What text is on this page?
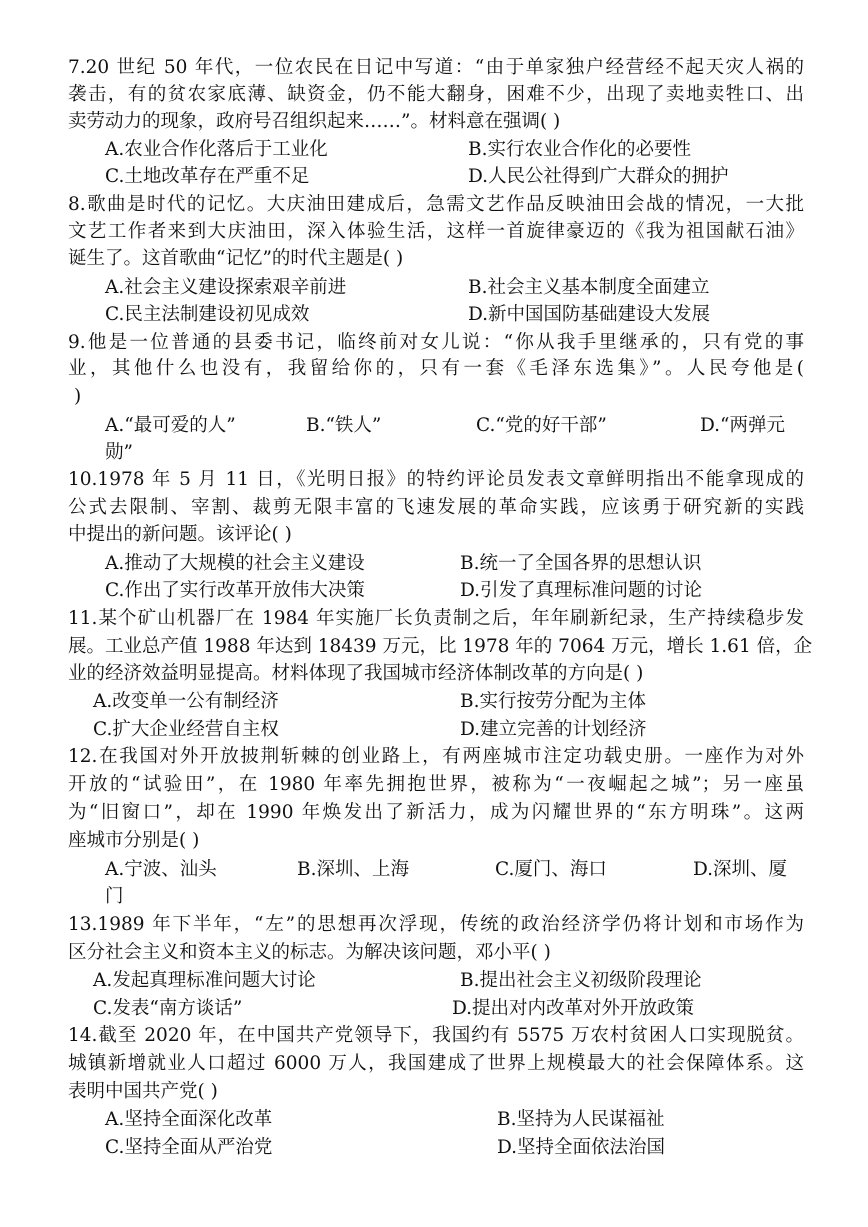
7.20 世纪 50 年代，一位农民在日记中写道：“由于单家独户经营经不起天灾人祸的
袭击，有的贫农家底薄、缺资金，仍不能大翻身，困难不少，出现了卖地卖牲口、出
卖劳动力的现象，政府号召组织起来……”。材料意在强调( )
A.农业合作化落后于工业化	B.实行农业合作化的必要性
C.土地改革存在严重不足	D.人民公社得到广大群众的拥护
8.歌曲是时代的记忆。大庆油田建成后，急需文艺作品反映油田会战的情况，一大批
文艺工作者来到大庆油田，深入体验生活，这样一首旋律豪迈的《我为祖国献石油》
诞生了。这首歌曲“记忆”的时代主题是( )
A.社会主义建设探索艰辛前进	B.社会主义基本制度全面建立
C.民主法制建设初见成效	D.新中国国防基础建设大发展
9.他是一位普通的县委书记，临终前对女儿说：“你从我手里继承的，只有党的事
业，其他什么也没有，我留给你的，只有一套《毛泽东选集》”。人民夸他是(
)
A.“最可爱的人”	B.“铁人”	C.“党的好干部”	D.“两弹元
勋”
10.1978 年 5 月 11 日，《光明日报》的特约评论员发表文章鲜明指出不能拿现成的
公式去限制、宰割、裁剪无限丰富的飞速发展的革命实践，应该勇于研究新的实践
中提出的新问题。该评论( )
A.推动了大规模的社会主义建设	B.统一了全国各界的思想认识
C.作出了实行改革开放伟大决策	D.引发了真理标准问题的讨论
11.某个矿山机器厂在 1984 年实施厂长负责制之后，年年刷新纪录，生产持续稳步发
展。工业总产值 1988 年达到 18439 万元，比 1978 年的 7064 万元，增长 1.61 倍，企
业的经济效益明显提高。材料体现了我国城市经济体制改革的方向是( )
A.改变单一公有制经济	B.实行按劳分配为主体
C.扩大企业经营自主权	D.建立完善的计划经济
12.在我国对外开放披荆斩棘的创业路上，有两座城市注定功载史册。一座作为对外
开放的“试验田”，在 1980 年率先拥抱世界，被称为“一夜崛起之城”；另一座虽
为“旧窗口”，却在 1990 年焕发出了新活力，成为闪耀世界的“东方明珠”。这两
座城市分别是( )
A.宁波、汕头	B.深圳、上海	C.厦门、海口	D.深圳、厦
门
13.1989 年下半年，“左”的思想再次浮现，传统的政治经济学仍将计划和市场作为
区分社会主义和资本主义的标志。为解决该问题，邓小平( )
A.发起真理标准问题大讨论	B.提出社会主义初级阶段理论
C.发表“南方谈话”	D.提出对内改革对外开放政策
14.截至 2020 年，在中国共产党领导下，我国约有 5575 万农村贫困人口实现脱贫。
城镇新增就业人口超过 6000 万人，我国建成了世界上规模最大的社会保障体系。这
表明中国共产党( )
A.坚持全面深化改革	B.坚持为人民谋福祉
C.坚持全面从严治党	D.坚持全面依法治国
